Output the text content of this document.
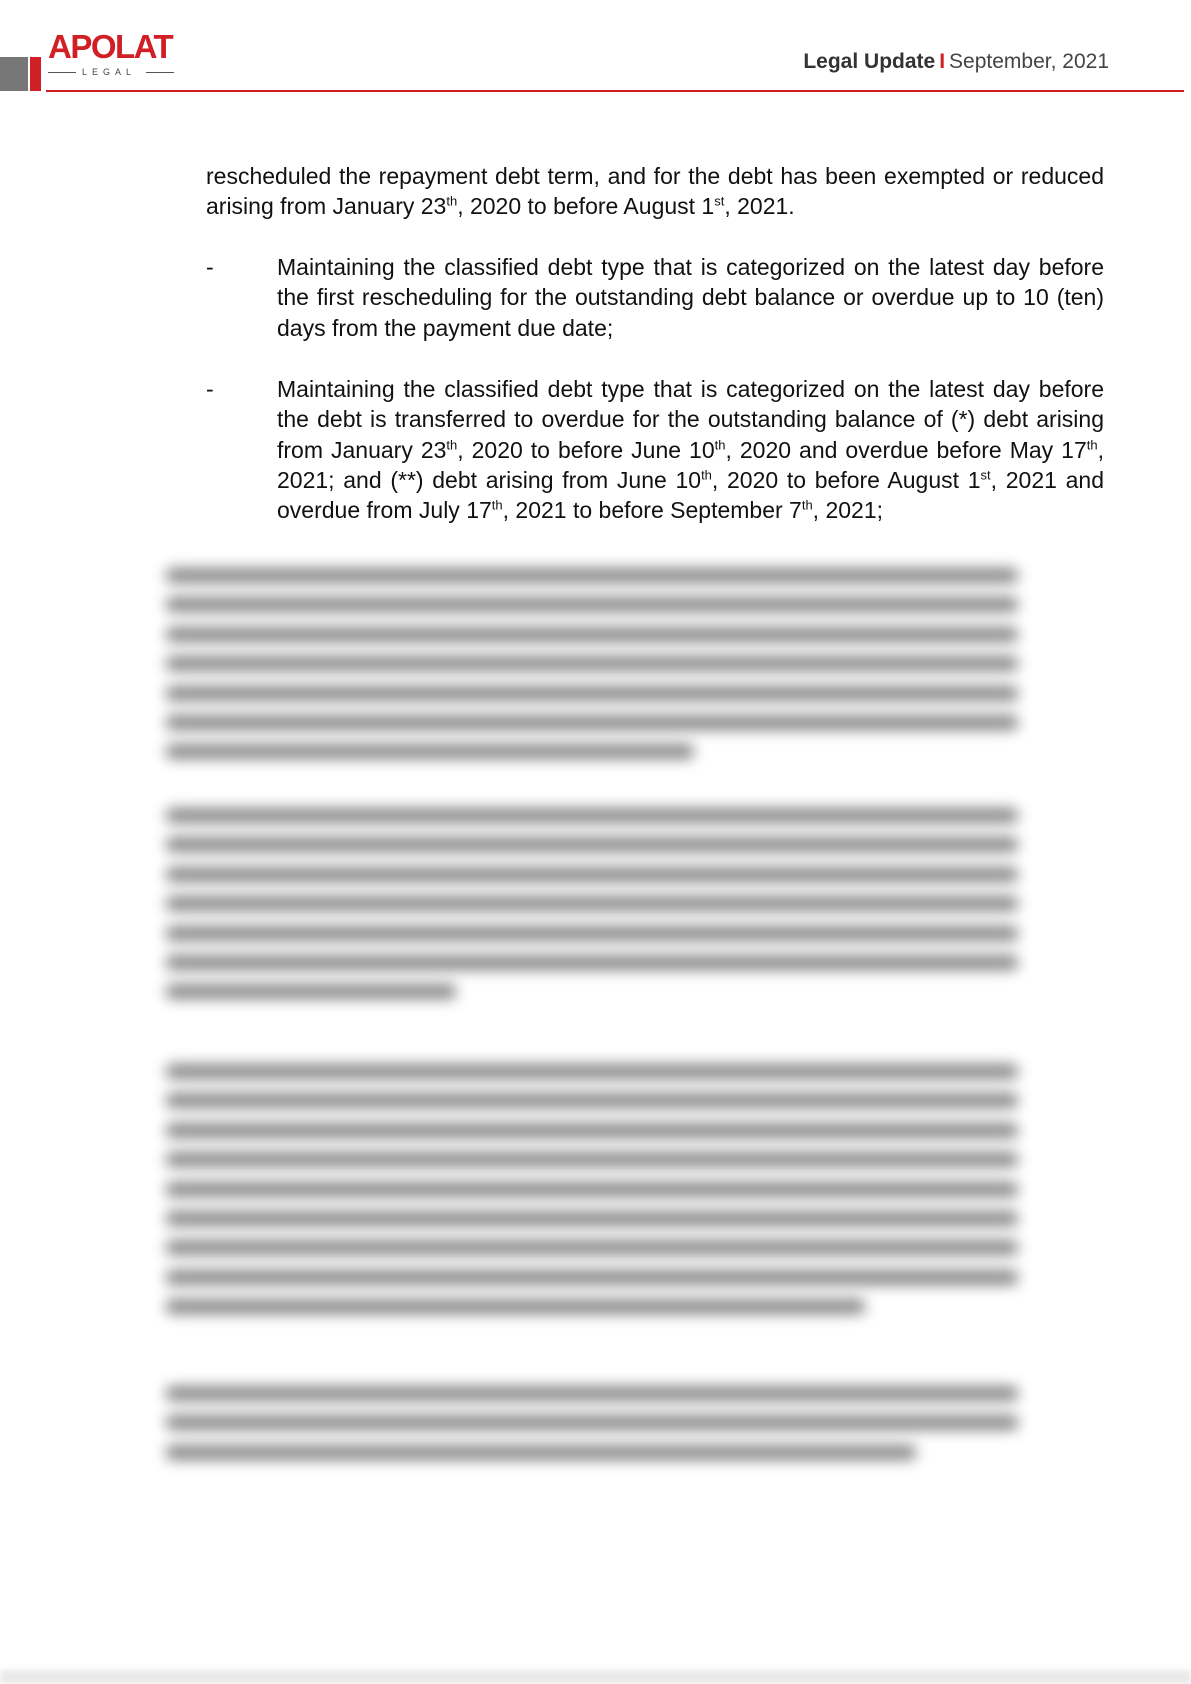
APOLAT
LEGAL	Legal Update I September, 2021
rescheduled the repayment debt term, and for the debt has been exempted or reduced arising from January 23th, 2020 to before August 1st, 2021.
-	Maintaining the classified debt type that is categorized on the latest day before the first rescheduling for the outstanding debt balance or overdue up to 10 (ten) days from the payment due date;
-	Maintaining the classified debt type that is categorized on the latest day before the debt is transferred to overdue for the outstanding balance of (*) debt arising from January 23th, 2020 to before June 10th, 2020 and overdue before May 17th, 2021; and (**) debt arising from June 10th, 2020 to before August 1st, 2021 and overdue from July 17th, 2021 to before September 7th, 2021;
